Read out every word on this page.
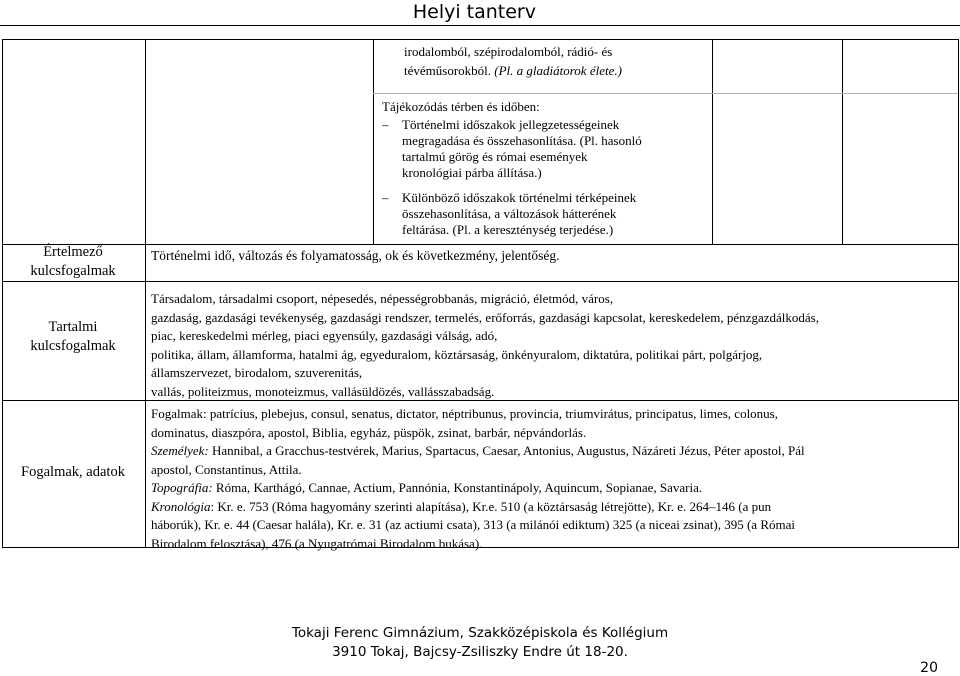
Helyi tanterv
irodalomból, szépirodalomból, rádió- és
tévéműsorokból. (Pl. a gladiátorok élete.)
Tájékozódás térben és időben:
– Történelmi időszakok jellegzetességeinek
megragadása és összehasonlítása. (Pl. hasonló
tartalmú görög és római események
kronológiai párba állítása.)
– Különböző időszakok történelmi térképeinek
összehasonlítása, a változások hátterének
feltárása. (Pl. a kereszténység terjedése.)
Értelmező
kulcsfogalmak
Történelmi idő, változás és folyamatosság, ok és következmény, jelentőség.
Tartalmi
kulcsfogalmak
Társadalom, társadalmi csoport, népesedés, népességrobbanás, migráció, életmód, város,
gazdaság, gazdasági tevékenység, gazdasági rendszer, termelés, erőforrás, gazdasági kapcsolat, kereskedelem, pénzgazdálkodás,
piac, kereskedelmi mérleg, piaci egyensúly, gazdasági válság, adó,
politika, állam, államforma, hatalmi ág, egyeduralom, köztársaság, önkényuralom, diktatúra, politikai párt, polgárjog,
államszervezet, birodalom, szuverenitás,
vallás, politeizmus, monoteizmus, vallásüldözés, vallásszabadság.
Fogalmak, adatok
Fogalmak: patrícius, plebejus, consul, senatus, dictator, néptribunus, provincia, triumvirátus, principatus, limes, colonus,
dominatus, diaszpóra, apostol, Biblia, egyház, püspök, zsinat, barbár, népvándorlás.
Személyek: Hannibal, a Gracchus-testvérek, Marius, Spartacus, Caesar, Antonius, Augustus, Názáreti Jézus, Péter apostol, Pál
apostol, Constantinus, Attila.
Topográfia: Róma, Karthágó, Cannae, Actium, Pannónia, Konstantinápoly, Aquincum, Sopianae, Savaria.
Kronológia: Kr. e. 753 (Róma hagyomány szerinti alapítása), Kr.e. 510 (a köztársaság létrejötte), Kr. e. 264–146 (a pun
háborúk), Kr. e. 44 (Caesar halála), Kr. e. 31 (az actiumi csata), 313 (a milánói ediktum) 325 (a niceai zsinat), 395 (a Római
Birodalom felosztása), 476 (a Nyugatrómai Birodalom bukása).
Tokaji Ferenc Gimnázium, Szakközépiskola és Kollégium
3910 Tokaj, Bajcsy-Zsiliszky Endre út 18-20.
20
